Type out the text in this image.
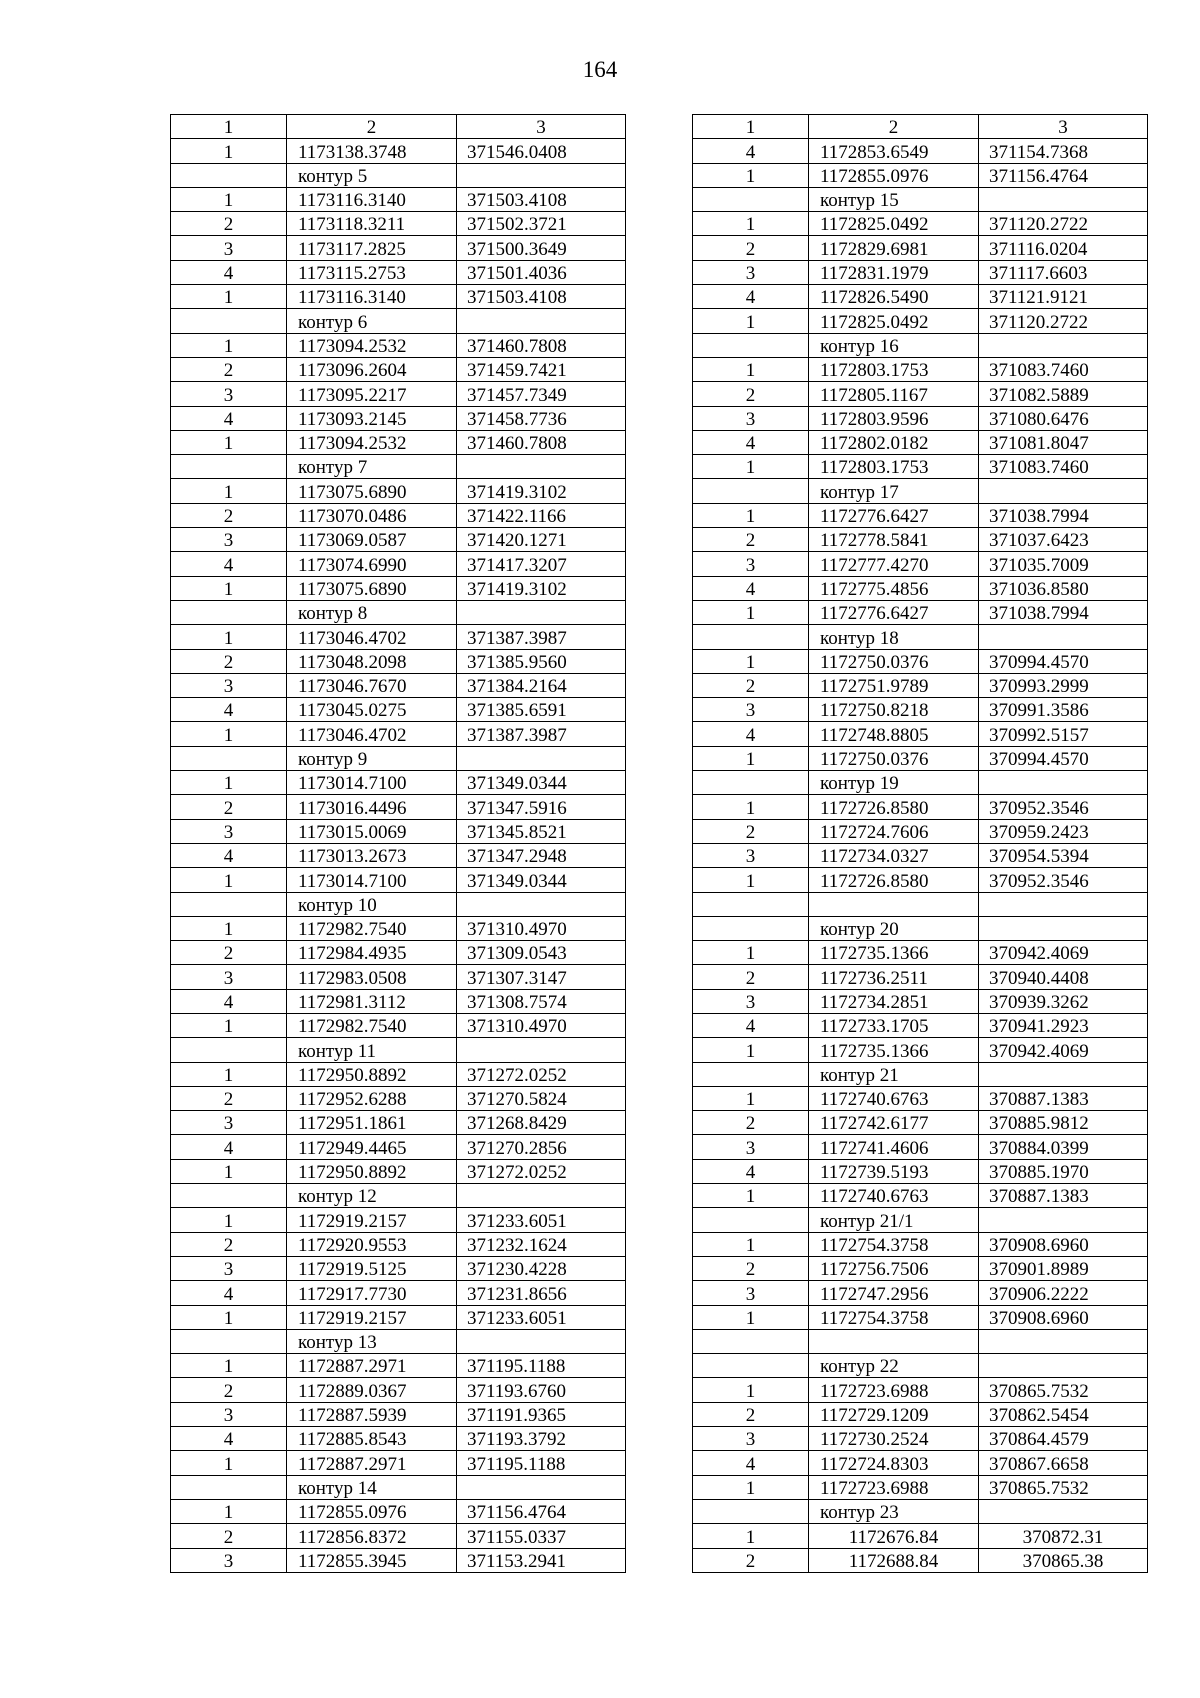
164
1	2	3
1	1173138.3748	371546.0408
	контур 5	
1	1173116.3140	371503.4108
2	1173118.3211	371502.3721
3	1173117.2825	371500.3649
4	1173115.2753	371501.4036
1	1173116.3140	371503.4108
	контур 6	
1	1173094.2532	371460.7808
2	1173096.2604	371459.7421
3	1173095.2217	371457.7349
4	1173093.2145	371458.7736
1	1173094.2532	371460.7808
	контур 7	
1	1173075.6890	371419.3102
2	1173070.0486	371422.1166
3	1173069.0587	371420.1271
4	1173074.6990	371417.3207
1	1173075.6890	371419.3102
	контур 8	
1	1173046.4702	371387.3987
2	1173048.2098	371385.9560
3	1173046.7670	371384.2164
4	1173045.0275	371385.6591
1	1173046.4702	371387.3987
	контур 9	
1	1173014.7100	371349.0344
2	1173016.4496	371347.5916
3	1173015.0069	371345.8521
4	1173013.2673	371347.2948
1	1173014.7100	371349.0344
	контур 10	
1	1172982.7540	371310.4970
2	1172984.4935	371309.0543
3	1172983.0508	371307.3147
4	1172981.3112	371308.7574
1	1172982.7540	371310.4970
	контур 11	
1	1172950.8892	371272.0252
2	1172952.6288	371270.5824
3	1172951.1861	371268.8429
4	1172949.4465	371270.2856
1	1172950.8892	371272.0252
	контур 12	
1	1172919.2157	371233.6051
2	1172920.9553	371232.1624
3	1172919.5125	371230.4228
4	1172917.7730	371231.8656
1	1172919.2157	371233.6051
	контур 13	
1	1172887.2971	371195.1188
2	1172889.0367	371193.6760
3	1172887.5939	371191.9365
4	1172885.8543	371193.3792
1	1172887.2971	371195.1188
	контур 14	
1	1172855.0976	371156.4764
2	1172856.8372	371155.0337
3	1172855.3945	371153.2941
1	2	3
4	1172853.6549	371154.7368
1	1172855.0976	371156.4764
	контур 15	
1	1172825.0492	371120.2722
2	1172829.6981	371116.0204
3	1172831.1979	371117.6603
4	1172826.5490	371121.9121
1	1172825.0492	371120.2722
	контур 16	
1	1172803.1753	371083.7460
2	1172805.1167	371082.5889
3	1172803.9596	371080.6476
4	1172802.0182	371081.8047
1	1172803.1753	371083.7460
	контур 17	
1	1172776.6427	371038.7994
2	1172778.5841	371037.6423
3	1172777.4270	371035.7009
4	1172775.4856	371036.8580
1	1172776.6427	371038.7994
	контур 18	
1	1172750.0376	370994.4570
2	1172751.9789	370993.2999
3	1172750.8218	370991.3586
4	1172748.8805	370992.5157
1	1172750.0376	370994.4570
	контур 19	
1	1172726.8580	370952.3546
2	1172724.7606	370959.2423
3	1172734.0327	370954.5394
1	1172726.8580	370952.3546

	контур 20	
1	1172735.1366	370942.4069
2	1172736.2511	370940.4408
3	1172734.2851	370939.3262
4	1172733.1705	370941.2923
1	1172735.1366	370942.4069
	контур 21	
1	1172740.6763	370887.1383
2	1172742.6177	370885.9812
3	1172741.4606	370884.0399
4	1172739.5193	370885.1970
1	1172740.6763	370887.1383
	контур 21/1	
1	1172754.3758	370908.6960
2	1172756.7506	370901.8989
3	1172747.2956	370906.2222
1	1172754.3758	370908.6960

	контур 22	
1	1172723.6988	370865.7532
2	1172729.1209	370862.5454
3	1172730.2524	370864.4579
4	1172724.8303	370867.6658
1	1172723.6988	370865.7532
	контур 23	
1	1172676.84	370872.31
2	1172688.84	370865.38
